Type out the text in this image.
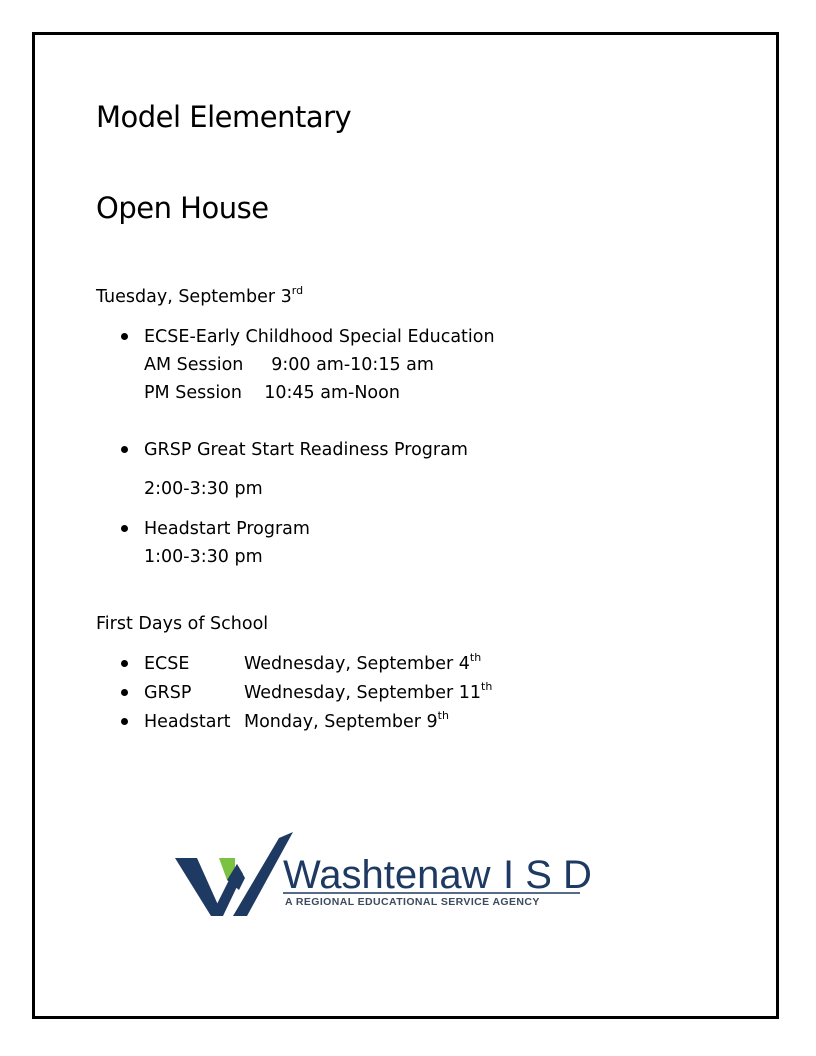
Model Elementary
Open House
Tuesday, September 3rd
ECSE-Early Childhood Special Education
AM Session     9:00 am-10:15 am
PM Session    10:45 am-Noon
GRSP Great Start Readiness Program
2:00-3:30 pm
Headstart Program
1:00-3:30 pm
First Days of School
ECSE	Wednesday, September 4th
GRSP	Wednesday, September 11th
Headstart Monday, September 9th
Washtenaw I S D
A REGIONAL EDUCATIONAL SERVICE AGENCY
